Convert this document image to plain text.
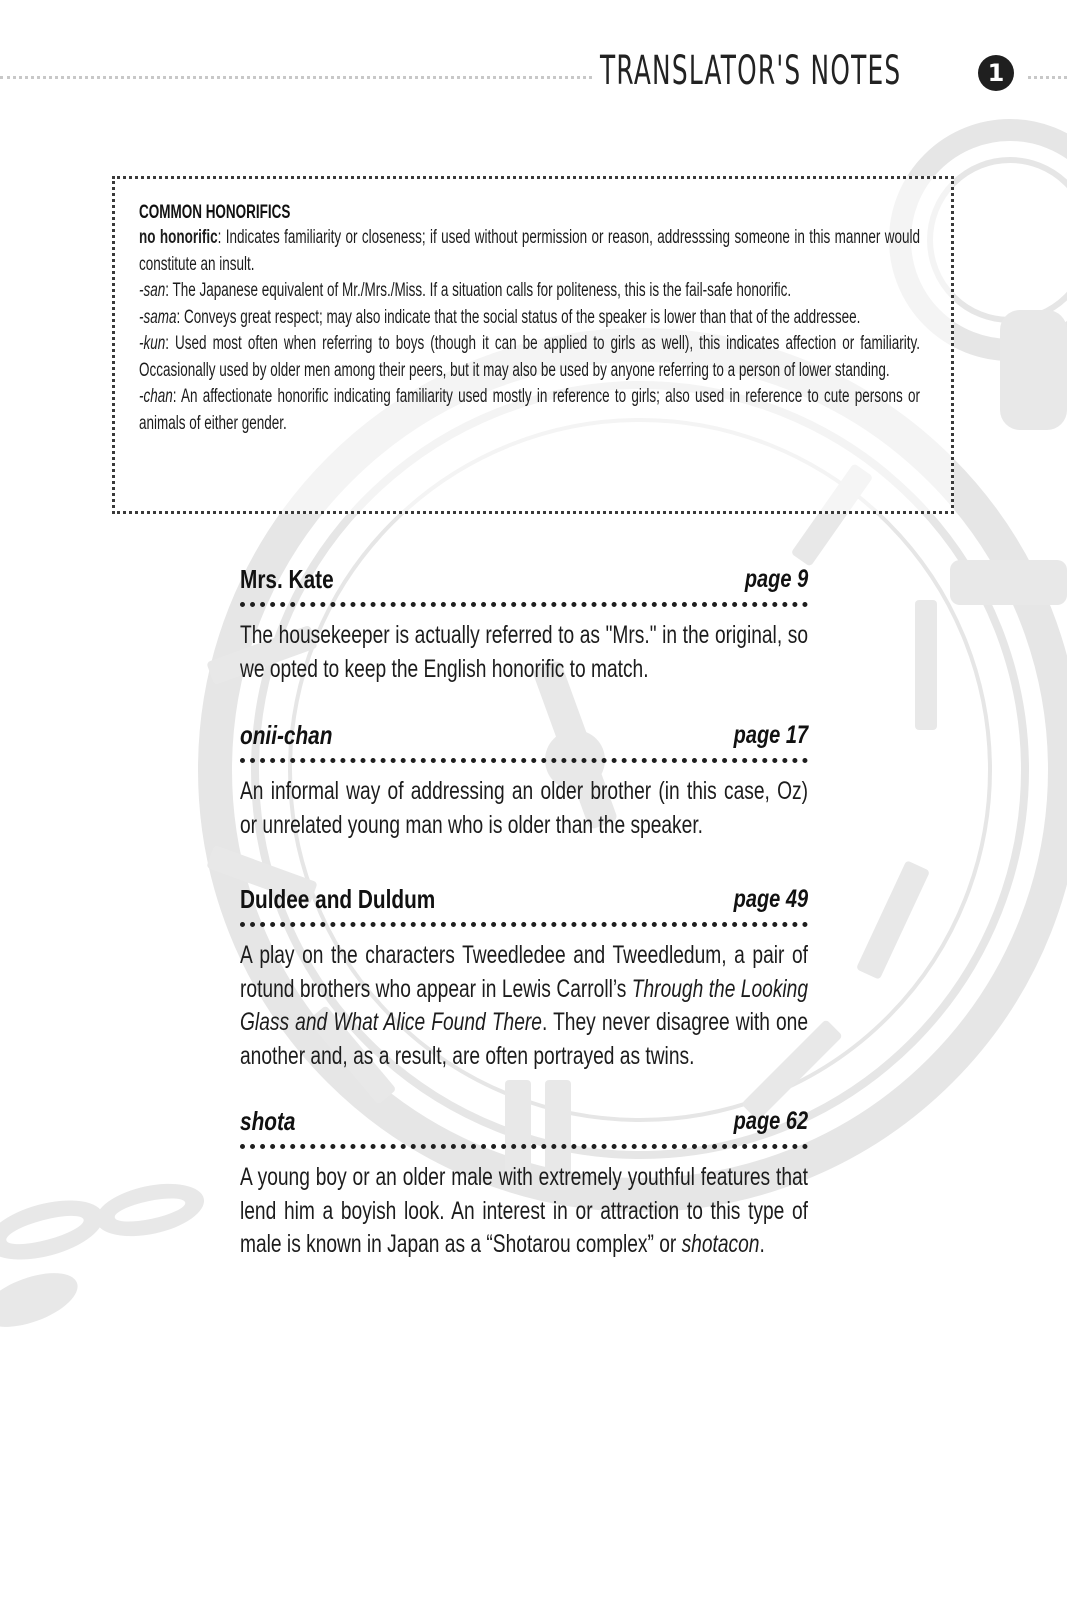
TRANSLATOR'S NOTES	1

COMMON HONORIFICS

no honorific: Indicates familiarity or closeness; if used without permission or reason, addresssing someone in this manner would constitute an insult.

-san: The Japanese equivalent of Mr./Mrs./Miss. If a situation calls for politeness, this is the fail-safe honorific.

-sama: Conveys great respect; may also indicate that the social status of the speaker is lower than that of the addressee.

-kun: Used most often when referring to boys (though it can be applied to girls as well), this indicates affection or familiarity. Occasionally used by older men among their peers, but it may also be used by anyone referring to a person of lower standing.

-chan: An affectionate honorific indicating familiarity used mostly in reference to girls; also used in reference to cute persons or animals of either gender.

Mrs. Kate	page 9

The housekeeper is actually referred to as "Mrs." in the original, so we opted to keep the English honorific to match.

onii-chan	page 17

An informal way of addressing an older brother (in this case, Oz) or unrelated young man who is older than the speaker.

Duldee and Duldum	page 49

A play on the characters Tweedledee and Tweedledum, a pair of rotund brothers who appear in Lewis Carroll’s Through the Looking Glass and What Alice Found There. They never disagree with one another and, as a result, are often portrayed as twins.

shota	page 62

A young boy or an older male with extremely youthful features that lend him a boyish look. An interest in or attraction to this type of male is known in Japan as a “Shotarou complex” or shotacon.
